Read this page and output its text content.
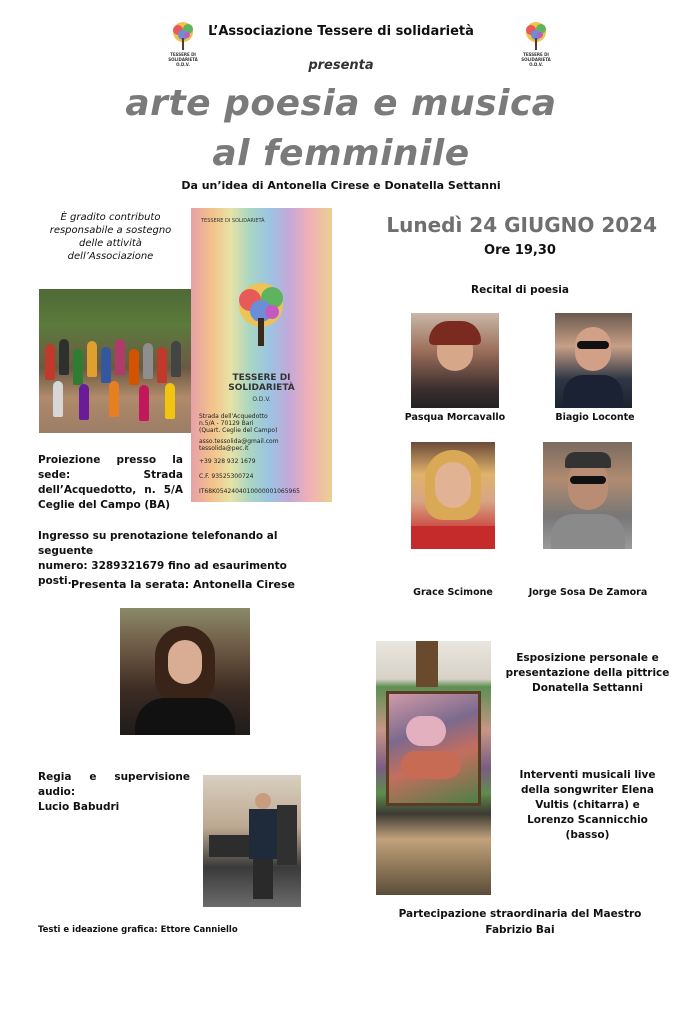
TESSERE DI SOLIDARIETÀ
O.D.V.
TESSERE DI SOLIDARIETÀ
O.D.V.
L’Associazione Tessere di solidarietà
presenta
arte poesia e musica
al femminile
Da un’idea di Antonella Cirese e Donatella Settanni
È gradito contributo
responsabile a sostegno
delle attività
dell’Associazione
TESSERE DI SOLIDARIETÀ
TESSERE DI
SOLIDARIETÀ
O.D.V.
Strada dell'Acquedotto
n.5/A - 70129 Bari
(Quart. Ceglie del Campo)
asso.tessolida@gmail.com
tessolida@pec.it
+39 328 932 1679
C.F. 93525300724
IT68K0542404010000001065965
Proiezione presso la sede: Strada dell’Acquedotto, n. 5/A Ceglie del Campo (BA)
Ingresso su prenotazione telefonando al seguente
numero: 3289321679 fino ad esaurimento posti. Presenta la serata: Antonella Cirese
Regia e supervisione
audio:
Lucio Babudri
Testi e ideazione grafica: Ettore Canniello
Lunedì 24 GIUGNO 2024
Ore 19,30
Recital di poesia
Pasqua Morcavallo	Biagio Loconte
Grace Scimone	Jorge Sosa De Zamora
Esposizione personale e
presentazione della pittrice
Donatella Settanni
Interventi musicali live
della songwriter Elena
Vultis (chitarra) e
Lorenzo Scannicchio
(basso)
Partecipazione straordinaria del Maestro
Fabrizio Bai
